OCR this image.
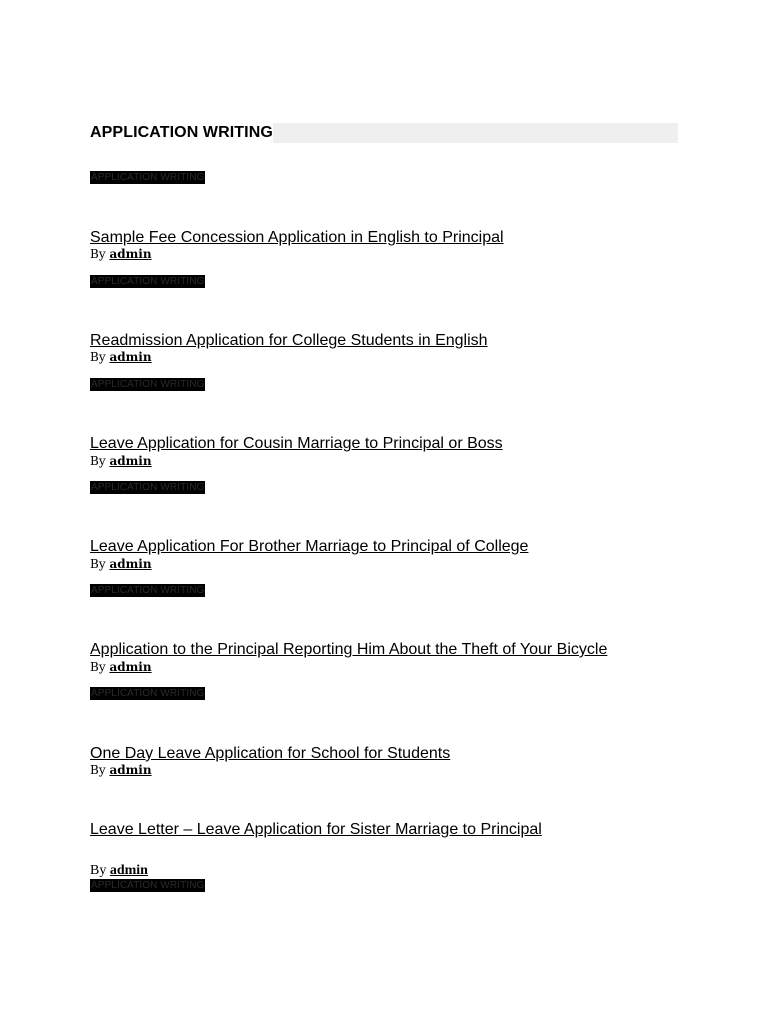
APPLICATION WRITING
APPLICATION WRITING
Sample Fee Concession Application in English to Principal
By admin
APPLICATION WRITING
Readmission Application for College Students in English
By admin
APPLICATION WRITING
Leave Application for Cousin Marriage to Principal or Boss
By admin
APPLICATION WRITING
Leave Application For Brother Marriage to Principal of College
By admin
APPLICATION WRITING
Application to the Principal Reporting Him About the Theft of Your Bicycle
By admin
APPLICATION WRITING
One Day Leave Application for School for Students
By admin
Leave Letter – Leave Application for Sister Marriage to Principal
By admin
APPLICATION WRITING
